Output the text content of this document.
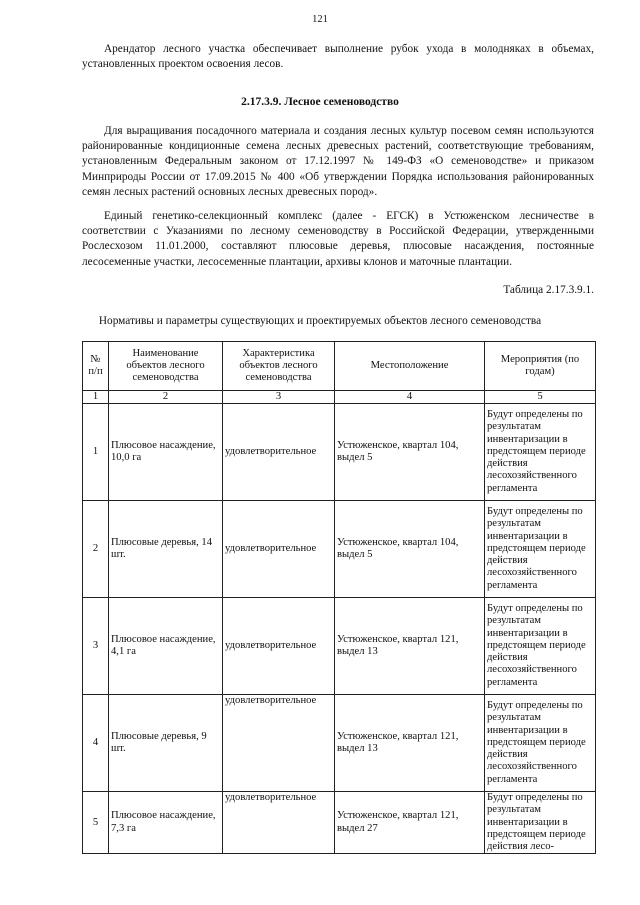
121

Арендатор лесного участка обеспечивает выполнение рубок ухода в молодняках в объемах, установленных проектом освоения лесов.

2.17.3.9. Лесное семеноводство

Для выращивания посадочного материала и создания лесных культур посевом семян используются районированные кондиционные семена лесных древесных растений, соответствующие требованиям, установленным Федеральным законом от 17.12.1997 № 149-ФЗ «О семеноводстве» и приказом Минприроды России от 17.09.2015 № 400 «Об утверждении Порядка использования районированных семян лесных растений основных лесных древесных пород».

Единый генетико-селекционный комплекс (далее - ЕГСК) в Устюженском лесничестве в соответствии с Указаниями по лесному семеноводству в Российской Федерации, утвержденными Рослесхозом 11.01.2000, составляют плюсовые деревья, плюсовые насаждения, постоянные лесосеменные участки, лесосеменные плантации, архивы клонов и маточные плантации.

Таблица 2.17.3.9.1.
Нормативы и параметры существующих и проектируемых объектов лесного семеноводства
№ п/п	Наименование объектов лесного семеноводства	Характеристика объектов лесного семеноводства	Местоположение	Мероприятия (по годам)
1	2	3	4	5
1	Плюсовое насаждение, 10,0 га	удовлетворительное	Устюженское, квартал 104, выдел 5	Будут определены по результатам инвентаризации в предстоящем периоде действия лесохозяйственного регламента
2	Плюсовые деревья, 14 шт.	удовлетворительное	Устюженское, квартал 104, выдел 5	Будут определены по результатам инвентаризации в предстоящем периоде действия лесохозяйственного регламента
3	Плюсовое насаждение, 4,1 га	удовлетворительное	Устюженское, квартал 121, выдел 13	Будут определены по результатам инвентаризации в предстоящем периоде действия лесохозяйственного регламента
4	Плюсовые деревья, 9 шт.	удовлетворительное	Устюженское, квартал 121, выдел 13	Будут определены по результатам инвентаризации в предстоящем периоде действия лесохозяйственного регламента
5	Плюсовое насаждение, 7,3 га	удовлетворительное	Устюженское, квартал 121, выдел 27	Будут определены по результатам инвентаризации в предстоящем периоде действия лесо-
